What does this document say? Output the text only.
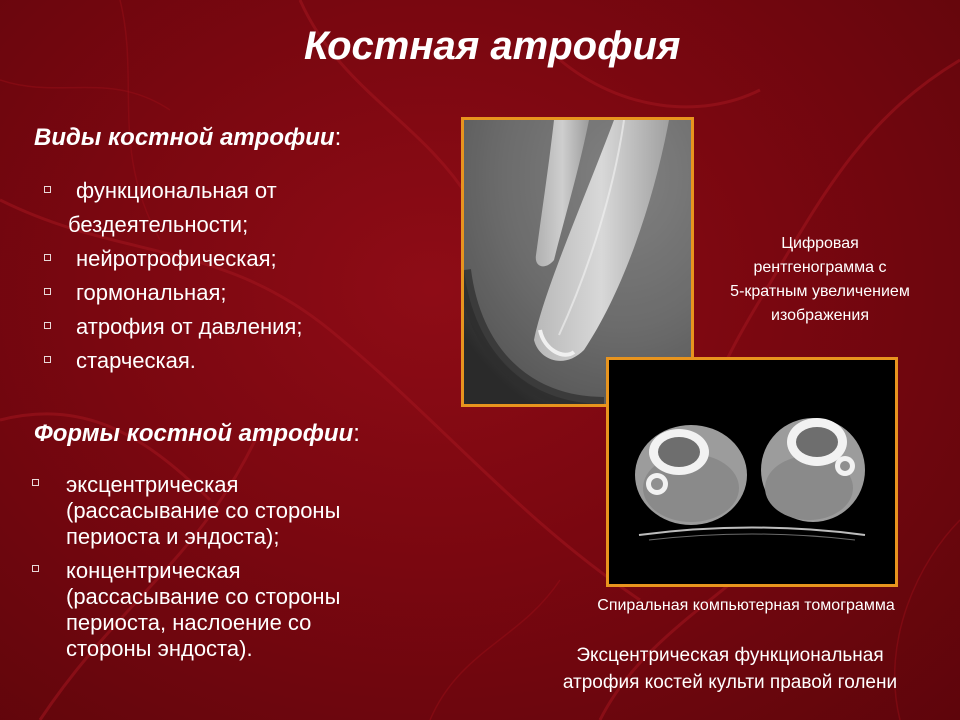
Костная атрофия
Виды костной атрофии:
функциональная от
бездеятельности;
нейротрофическая;
гормональная;
атрофия от давления;
старческая.
Формы костной атрофии:
эксцентрическая
(рассасывание со стороны
периоста и эндоста);
концентрическая
(рассасывание со стороны
периоста, наслоение со
стороны эндоста).
Цифровая
рентгенограмма с
5-кратным увеличением
изображения
Спиральная компьютерная томограмма
Эксцентрическая функциональная
атрофия костей культи правой голени
